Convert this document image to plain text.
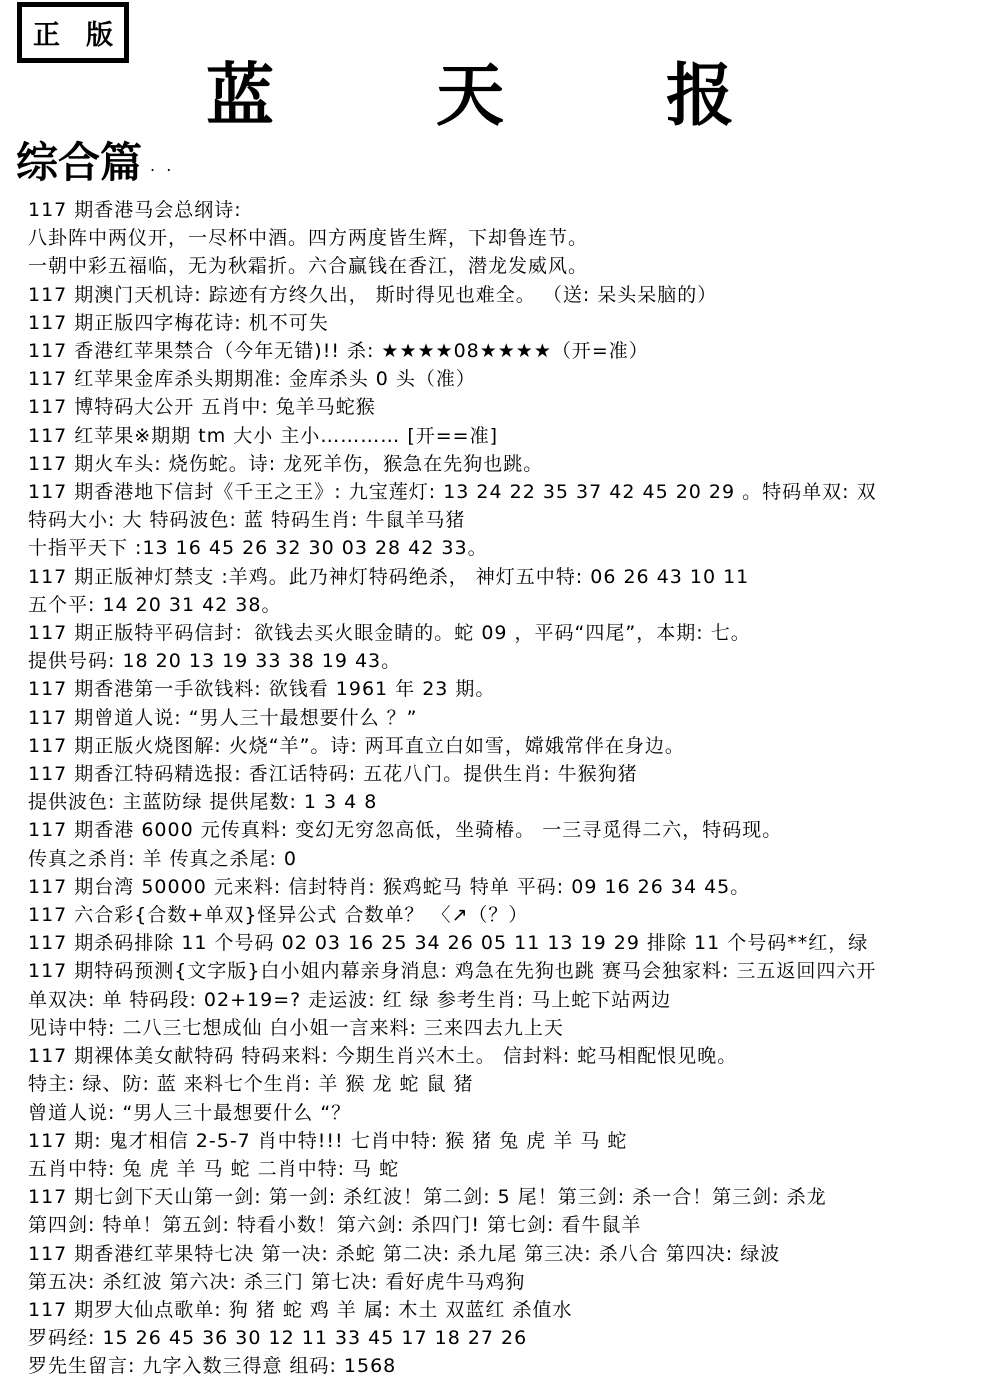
正版
蓝天报
综合篇 . .
117 期香港马会总纲诗:
八卦阵中两仪开，一尽杯中酒。四方两度皆生辉，下却鲁连节。
一朝中彩五福临，无为秋霜折。六合赢钱在香江，潜龙发威风。
117 期澳门天机诗: 踪迹有方终久出， 斯时得见也难全。 （送: 呆头呆脑的）
117 期正版四字梅花诗: 机不可失
117 香港红苹果禁合（今年无错)!! 杀: ★★★★08★★★★（开=准）
117 红苹果金库杀头期期准: 金库杀头 0 头（准）
117 博特码大公开 五肖中: 兔羊马蛇猴
117 红苹果※期期 tm 大小 主小………… [开==准]
117 期火车头: 烧伤蛇。诗: 龙死羊伤，猴急在先狗也跳。
117 期香港地下信封《千王之王》: 九宝莲灯: 13 24 22 35 37 42 45 20 29 。特码单双: 双
特码大小: 大 特码波色: 蓝 特码生肖: 牛鼠羊马猪
十指平天下 :13 16 45 26 32 30 03 28 42 33。
117 期正版神灯禁支 :羊鸡。此乃神灯特码绝杀， 神灯五中特: 06 26 43 10 11
五个平: 14 20 31 42 38。
117 期正版特平码信封：欲钱去买火眼金睛的。蛇 09 ，平码“四尾”，本期: 七。
提供号码: 18 20 13 19 33 38 19 43。
117 期香港第一手欲钱料: 欲钱看 1961 年 23 期。
117 期曾道人说: “男人三十最想要什么 ？”
117 期正版火烧图解: 火烧“羊”。诗: 两耳直立白如雪，嫦娥常伴在身边。
117 期香江特码精选报: 香江话特码: 五花八门。提供生肖: 牛猴狗猪
提供波色: 主蓝防绿 提供尾数: 1 3 4 8
117 期香港 6000 元传真料: 变幻无穷忽高低，坐骑椿。 一三寻觅得二六，特码现。
传真之杀肖: 羊 传真之杀尾: 0
117 期台湾 50000 元来料: 信封特肖: 猴鸡蛇马 特单 平码: 09 16 26 34 45。
117 六合彩{合数+单双}怪异公式 合数单？ 〈↗（？）
117 期杀码排除 11 个号码 02 03 16 25 34 26 05 11 13 19 29 排除 11 个号码**红，绿
117 期特码预测{文字版}白小姐内幕亲身消息: 鸡急在先狗也跳 赛马会独家料: 三五返回四六开
单双决: 单 特码段: 02+19=? 走运波: 红 绿 参考生肖: 马上蛇下站两边
见诗中特: 二八三七想成仙 白小姐一言来料: 三来四去九上天
117 期裸体美女献特码 特码来料: 今期生肖兴木土。 信封料: 蛇马相配恨见晚。
特主: 绿、防: 蓝 来料七个生肖: 羊 猴 龙 蛇 鼠 猪
曾道人说: “男人三十最想要什么 “？
117 期: 鬼才相信 2-5-7 肖中特!!! 七肖中特: 猴 猪 兔 虎 羊 马 蛇
五肖中特: 兔 虎 羊 马 蛇 二肖中特: 马 蛇
117 期七剑下天山第一剑: 第一剑: 杀红波！第二剑: 5 尾！第三剑: 杀一合！第三剑: 杀龙
第四剑: 特单！第五剑: 特看小数！第六剑: 杀四门! 第七剑: 看牛鼠羊
117 期香港红苹果特七决 第一决: 杀蛇 第二决: 杀九尾 第三决: 杀八合 第四决: 绿波
第五决: 杀红波 第六决: 杀三门 第七决: 看好虎牛马鸡狗
117 期罗大仙点歌单: 狗 猪 蛇 鸡 羊 属: 木土 双蓝红 杀值水
罗码经: 15 26 45 36 30 12 11 33 45 17 18 27 26
罗先生留言: 九字入数三得意 组码: 1568
